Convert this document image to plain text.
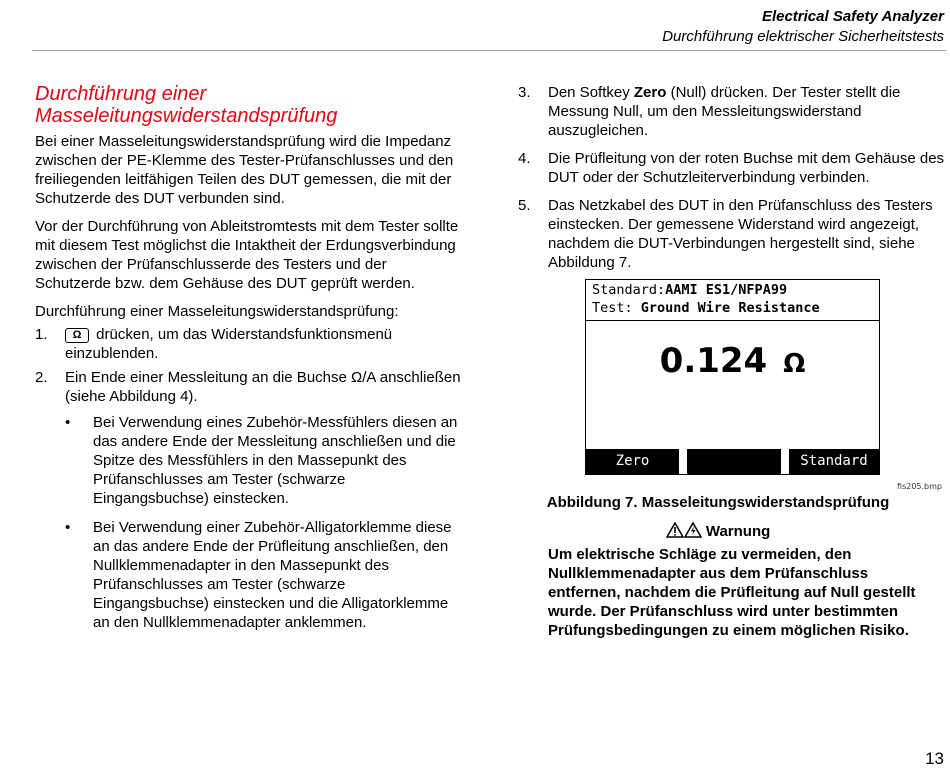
Electrical Safety Analyzer
Durchführung elektrischer Sicherheitstests
Durchführung einer Masseleitungswiderstandsprüfung

Bei einer Masseleitungswiderstandsprüfung wird die Impedanz zwischen der PE-Klemme des Tester-Prüfanschlusses und den freiliegenden leitfähigen Teilen des DUT gemessen, die mit der Schutzerde des DUT verbunden sind.

Vor der Durchführung von Ableitstromtests mit dem Tester sollte mit diesem Test möglichst die Intaktheit der Erdungsverbindung zwischen der Prüfanschlusserde des Testers und der Schutzerde bzw. dem Gehäuse des DUT geprüft werden.

Durchführung einer Masseleitungswiderstandsprüfung:

1. Ω drücken, um das Widerstandsfunktionsmenü einzublenden.
2. Ein Ende einer Messleitung an die Buchse Ω/A anschließen (siehe Abbildung 4).
• Bei Verwendung eines Zubehör-Messfühlers diesen an das andere Ende der Messleitung anschließen und die Spitze des Messfühlers in den Massepunkt des Prüfanschlusses am Tester (schwarze Eingangsbuchse) einstecken.
• Bei Verwendung einer Zubehör-Alligatorklemme diese an das andere Ende der Prüfleitung anschließen, den Nullklemmenadapter in den Massepunkt des Prüfanschlusses am Tester (schwarze Eingangsbuchse) einstecken und die Alligatorklemme an den Nullklemmenadapter anklemmen.
3. Den Softkey Zero (Null) drücken. Der Tester stellt die Messung Null, um den Messleitungswiderstand auszugleichen.
4. Die Prüfleitung von der roten Buchse mit dem Gehäuse des DUT oder der Schutzleiterverbindung verbinden.
5. Das Netzkabel des DUT in den Prüfanschluss des Testers einstecken. Der gemessene Widerstand wird angezeigt, nachdem die DUT-Verbindungen hergestellt sind, siehe Abbildung 7.
Standard:AAMI ES1/NFPA99
Test: Ground Wire Resistance
0.124 Ω
Zero	Standard
fis205.bmp
Abbildung 7. Masseleitungswiderstandsprüfung
Warnung
Um elektrische Schläge zu vermeiden, den Nullklemmenadapter aus dem Prüfanschluss entfernen, nachdem die Prüfleitung auf Null gestellt wurde. Der Prüfanschluss wird unter bestimmten Prüfungsbedingungen zu einem möglichen Risiko.
13
